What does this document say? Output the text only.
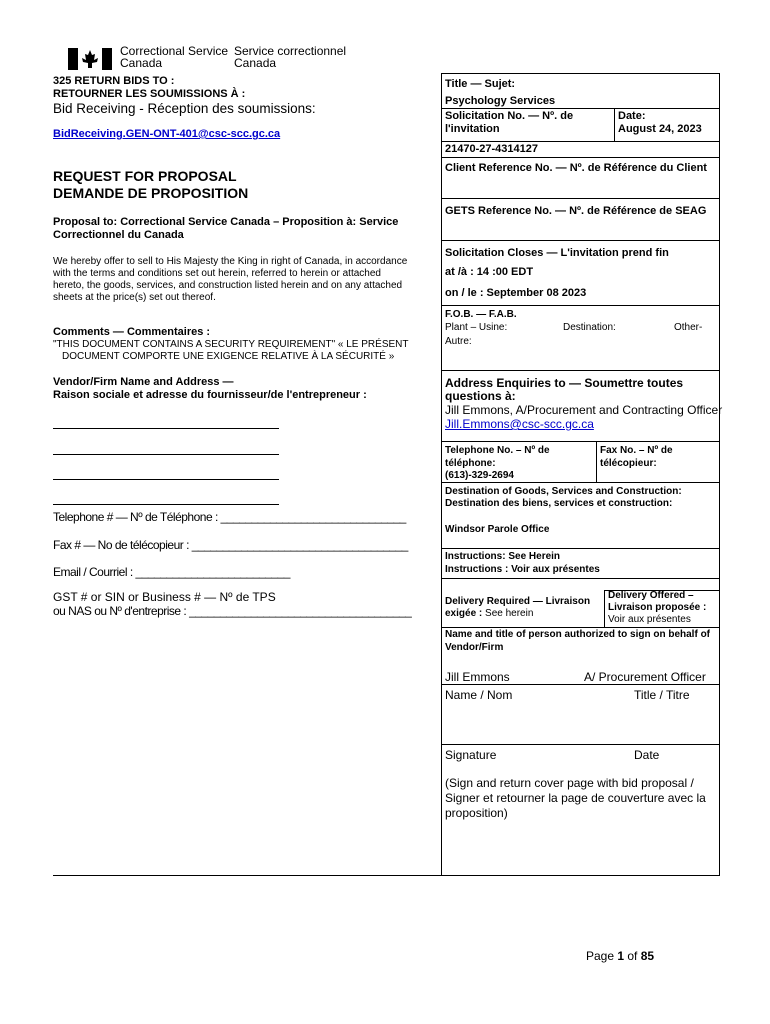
Correctional Service
Canada
Service correctionnel
Canada
325 RETURN BIDS TO :
RETOURNER LES SOUMISSIONS À :
Bid Receiving - Réception des soumissions:
BidReceiving.GEN-ONT-401@csc-scc.gc.ca
REQUEST FOR PROPOSAL
DEMANDE DE PROPOSITION
Proposal to: Correctional Service Canada – Proposition à: Service
Correctionnel du Canada
We hereby offer to sell to His Majesty the King in right of Canada, in accordance
with the terms and conditions set out herein, referred to herein or attached
hereto, the goods, services, and construction listed herein and on any attached
sheets at the price(s) set out thereof.
Comments — Commentaires :
"THIS DOCUMENT CONTAINS A SECURITY REQUIREMENT" « LE PRÉSENT
DOCUMENT COMPORTE UNE EXIGENCE RELATIVE À LA SÉCURITÉ »
Vendor/Firm Name and Address —
Raison sociale et adresse du fournisseur/de l'entrepreneur :
Telephone # — Nº de Téléphone : ______________________________
Fax # — No de télécopieur : ___________________________________
Email / Courriel : _________________________
GST # or SIN or Business # — Nº de TPS
ou NAS ou Nº d'entreprise : ____________________________________
Title — Sujet:
Psychology Services
Solicitation No. — Nº. de
l'invitation
Date:
August 24, 2023
21470-27-4314127
Client Reference No. — Nº. de Référence du Client
GETS Reference No. — Nº. de Référence de SEAG
Solicitation Closes — L'invitation prend fin
at /à : 14 :00 EDT
on / le : September 08 2023
F.O.B. — F.A.B.
Plant – Usine:	Destination:	Other-
Autre:
Address Enquiries to — Soumettre toutes
questions à:
Jill Emmons, A/Procurement and Contracting Officer
Jill.Emmons@csc-scc.gc.ca
Telephone No. – Nº de
téléphone:
(613)-329-2694
Fax No. – Nº de
télécopieur:
Destination of Goods, Services and Construction:
Destination des biens, services et construction:
Windsor Parole Office
Instructions: See Herein
Instructions : Voir aux présentes
Delivery Required — Livraison
exigée : See herein
Delivery Offered –
Livraison proposée :
Voir aux présentes
Name and title of person authorized to sign on behalf of
Vendor/Firm
Jill Emmons	A/ Procurement Officer
Name / Nom	Title / Titre
Signature	Date
(Sign and return cover page with bid proposal /
Signer et retourner la page de couverture avec la
proposition)
Page 1 of 85
